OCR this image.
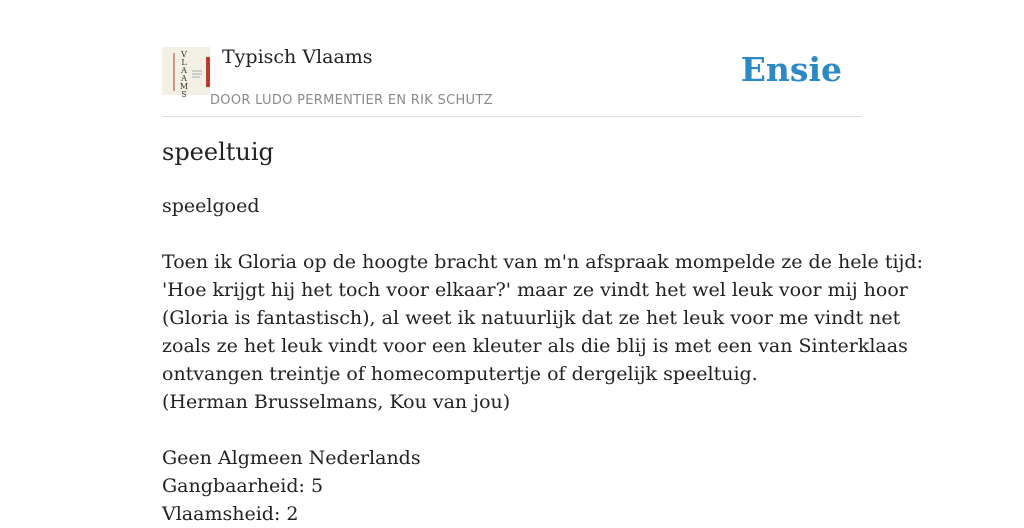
V
L
A
A
M
S
Typisch Vlaams
DOOR LUDO PERMENTIER EN RIK SCHUTZ
Ensie
speeltuig
speelgoed
Toen ik Gloria op de hoogte bracht van m'n afspraak mompelde ze de hele tijd:
'Hoe krijgt hij het toch voor elkaar?' maar ze vindt het wel leuk voor mij hoor
(Gloria is fantastisch), al weet ik natuurlijk dat ze het leuk voor me vindt net
zoals ze het leuk vindt voor een kleuter als die blij is met een van Sinterklaas
ontvangen treintje of homecomputertje of dergelijk speeltuig.
(Herman Brusselmans, Kou van jou)
Geen Algmeen Nederlands
Gangbaarheid: 5
Vlaamsheid: 2
